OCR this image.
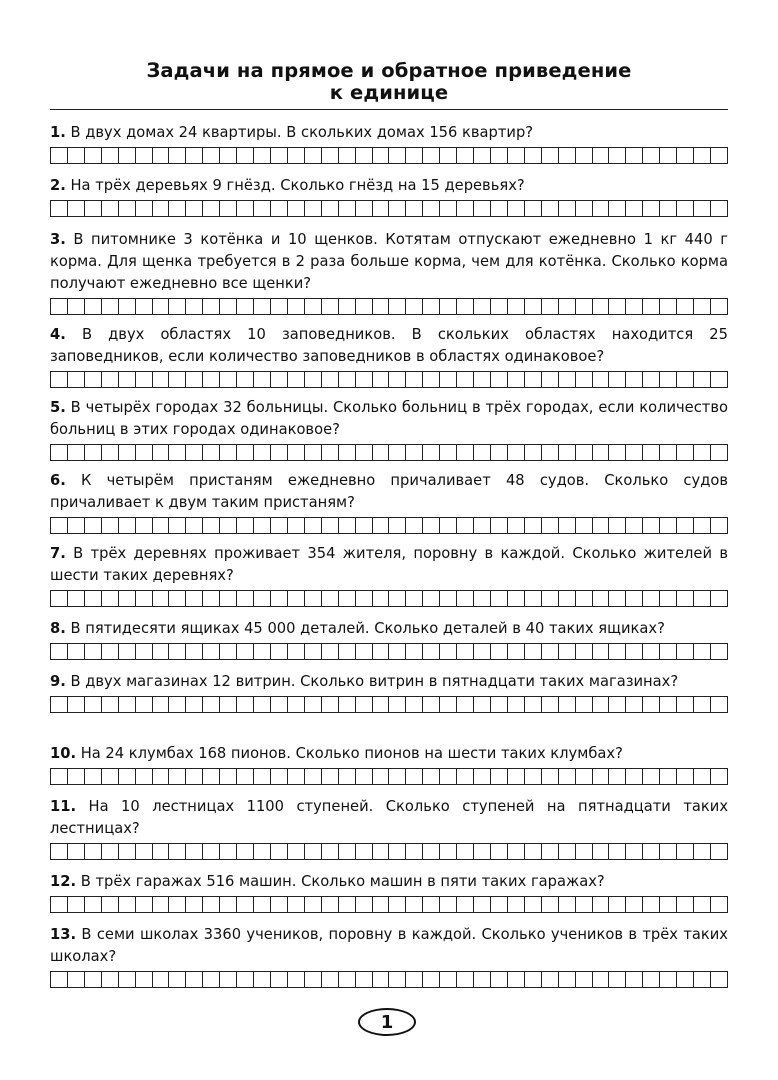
Задачи на прямое и обратное приведение
к единице
1. В двух домах 24 квартиры. В скольких домах 156 квартир?
2. На трёх деревьях 9 гнёзд. Сколько гнёзд на 15 деревьях?
3. В питомнике 3 котёнка и 10 щенков. Котятам отпускают ежедневно 1 кг 440 г корма. Для щенка требуется в 2 раза больше корма, чем для котёнка. Сколько корма получают ежедневно все щенки?
4. В двух областях 10 заповедников. В скольких областях находится 25 заповедников, если количество заповедников в областях одинаковое?
5. В четырёх городах 32 больницы. Сколько больниц в трёх городах, если количество больниц в этих городах одинаковое?
6. К четырём пристаням ежедневно причаливает 48 судов. Сколько судов причаливает к двум таким пристаням?
7. В трёх деревнях проживает 354 жителя, поровну в каждой. Сколько жителей в шести таких деревнях?
8. В пятидесяти ящиках 45 000 деталей. Сколько деталей в 40 таких ящиках?
9. В двух магазинах 12 витрин. Сколько витрин в пятнадцати таких магазинах?
10. На 24 клумбах 168 пионов. Сколько пионов на шести таких клумбах?
11. На 10 лестницах 1100 ступеней. Сколько ступеней на пятнадцати таких лестницах?
12. В трёх гаражах 516 машин. Сколько машин в пяти таких гаражах?
13. В семи школах 3360 учеников, поровну в каждой. Сколько учеников в трёх таких школах?
1
